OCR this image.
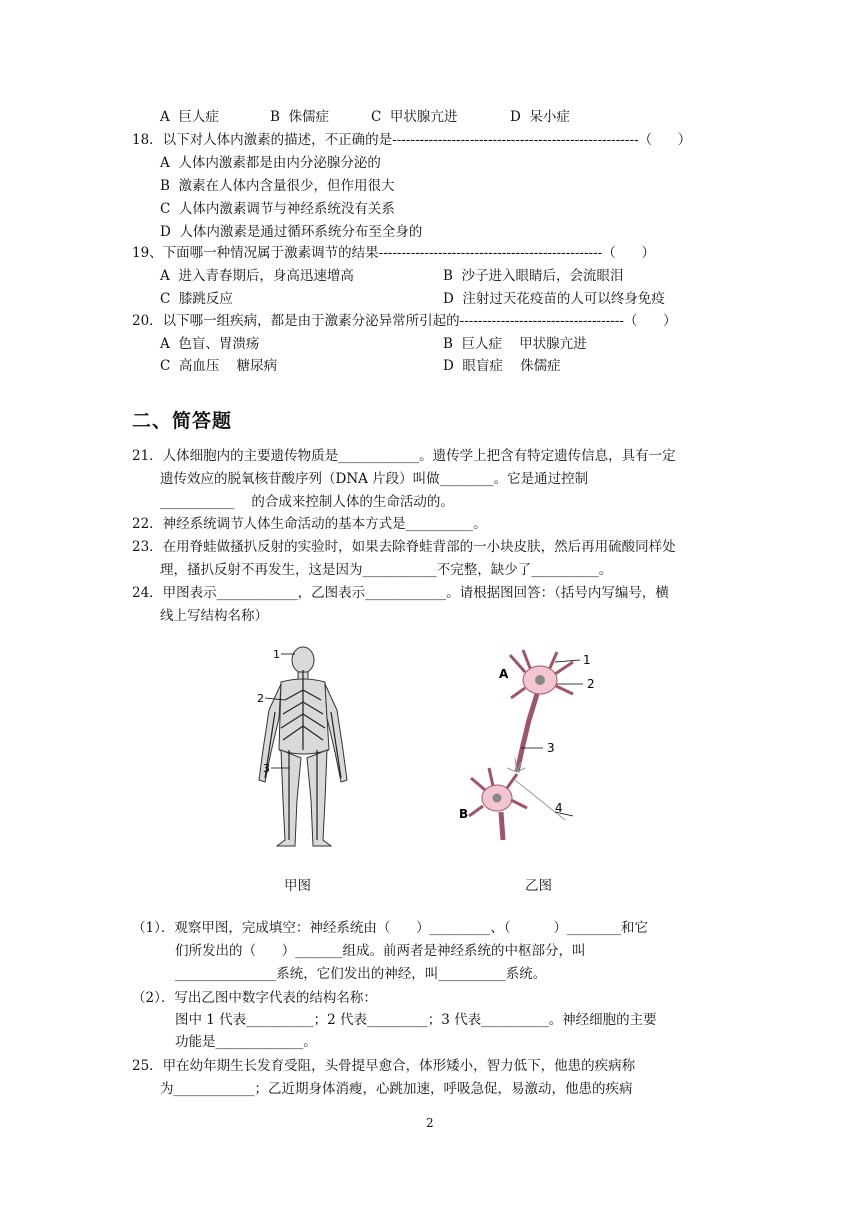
A  巨人症	B  侏儒症	C  甲状腺亢进	D  呆小症
18．以下对人体内激素的描述，不正确的是------------------------------------------------------（      ）
A  人体内激素都是由内分泌腺分泌的
B  激素在人体内含量很少，但作用很大
C  人体内激素调节与神经系统没有关系
D  人体内激素是通过循环系统分布至全身的
19、下面哪一种情况属于激素调节的结果-------------------------------------------------（      ）
A  进入青春期后，身高迅速增高	B  沙子进入眼睛后，会流眼泪
C  膝跳反应	D  注射过天花疫苗的人可以终身免疫
20．以下哪一组疾病，都是由于激素分泌异常所引起的------------------------------------（      ）
A  色盲、胃溃疡	B  巨人症    甲状腺亢进
C  高血压    糖尿病	D  眼盲症    侏儒症
二、简答题
21．人体细胞内的主要遗传物质是____________。遗传学上把含有特定遗传信息，具有一定
遗传效应的脱氧核苷酸序列（DNA 片段）叫做________。它是通过控制
___________    的合成来控制人体的生命活动的。
22．神经系统调节人体生命活动的基本方式是__________。
23．在用脊蛙做搔扒反射的实验时，如果去除脊蛙背部的一小块皮肤，然后再用硫酸同样处
理，搔扒反射不再发生，这是因为___________不完整，缺少了__________。
24．甲图表示____________，乙图表示____________。请根据图回答：（括号内写编号，横
线上写结构名称）
1
2
3
A
B
1
2
3
4
甲图	乙图
（1）．观察甲图，完成填空：神经系统由（      ）_________、（          ）________和它
们所发出的（      ）_______组成。前两者是神经系统的中枢部分，叫
_______________系统，它们发出的神经，叫__________系统。
（2）．写出乙图中数字代表的结构名称：
图中 1 代表__________；2 代表_________；3 代表__________。神经细胞的主要
功能是_____________。
25．甲在幼年期生长发育受阻，头骨提早愈合，体形矮小，智力低下，他患的疾病称
为____________；乙近期身体消瘦，心跳加速，呼吸急促，易激动，他患的疾病
2
